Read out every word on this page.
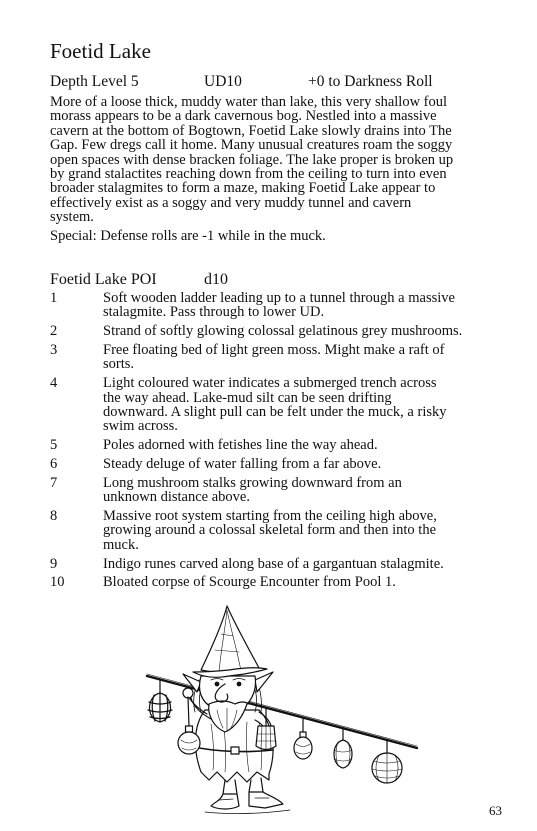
Foetid Lake
Depth Level 5	UD10	+0 to Darkness Roll
More of a loose thick, muddy water than lake, this very shallow foul
morass appears to be a dark cavernous bog. Nestled into a massive
cavern at the bottom of Bogtown, Foetid Lake slowly drains into The
Gap. Few dregs call it home. Many unusual creatures roam the soggy
open spaces with dense bracken foliage. The lake proper is broken up
by grand stalactites reaching down from the ceiling to turn into even
broader stalagmites to form a maze, making Foetid Lake appear to
effectively exist as a soggy and very muddy tunnel and cavern
system.
Special: Defense rolls are -1 while in the muck.
Foetid Lake POI	d10
1	Soft wooden ladder leading up to a tunnel through a massive
stalagmite. Pass through to lower UD.
2	Strand of softly glowing colossal gelatinous grey mushrooms.
3	Free floating bed of light green moss. Might make a raft of
sorts.
4	Light coloured water indicates a submerged trench across
the way ahead. Lake-mud silt can be seen drifting
downward. A slight pull can be felt under the muck, a risky
swim across.
5	Poles adorned with fetishes line the way ahead.
6	Steady deluge of water falling from a far above.
7	Long mushroom stalks growing downward from an
unknown distance above.
8	Massive root system starting from the ceiling high above,
growing around a colossal skeletal form and then into the
muck.
9	Indigo runes carved along base of a gargantuan stalagmite.
10	Bloated corpse of Scourge Encounter from Pool 1.
63
